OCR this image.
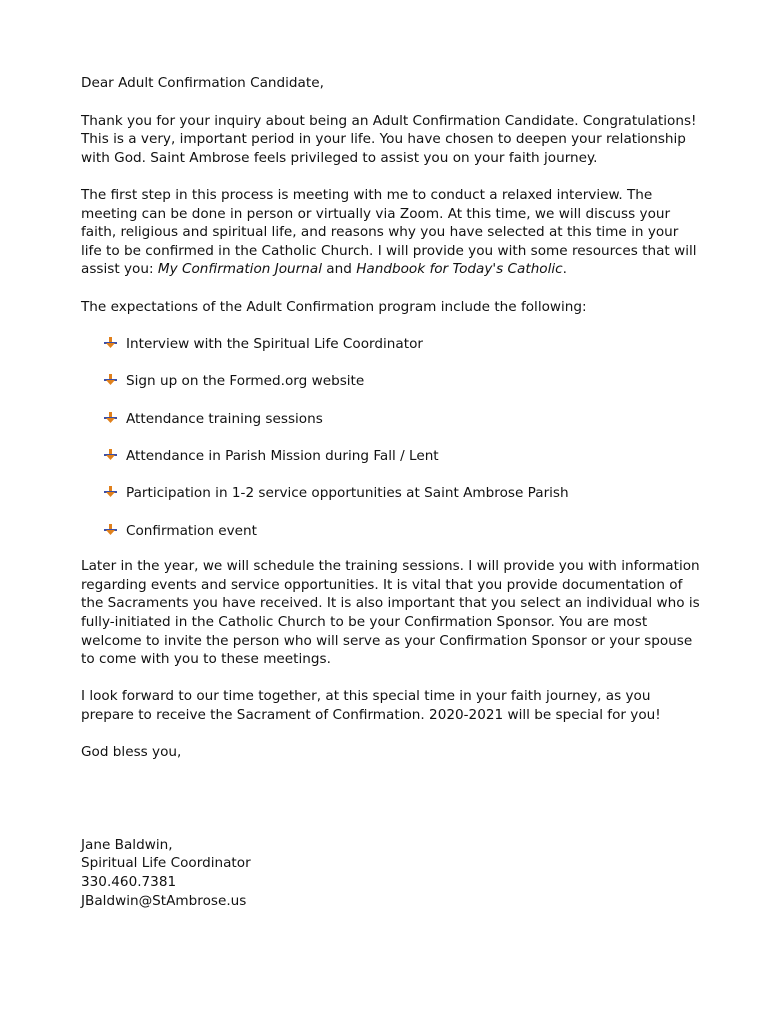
Dear Adult Confirmation Candidate,

Thank you for your inquiry about being an Adult Confirmation Candidate. Congratulations! This is a very, important period in your life. You have chosen to deepen your relationship with God. Saint Ambrose feels privileged to assist you on your faith journey.

The first step in this process is meeting with me to conduct a relaxed interview. The meeting can be done in person or virtually via Zoom. At this time, we will discuss your faith, religious and spiritual life, and reasons why you have selected at this time in your life to be confirmed in the Catholic Church. I will provide you with some resources that will assist you: My Confirmation Journal and Handbook for Today's Catholic.

The expectations of the Adult Confirmation program include the following:

Interview with the Spiritual Life Coordinator
Sign up on the Formed.org website
Attendance training sessions
Attendance in Parish Mission during Fall / Lent
Participation in 1-2 service opportunities at Saint Ambrose Parish
Confirmation event

Later in the year, we will schedule the training sessions. I will provide you with information regarding events and service opportunities. It is vital that you provide documentation of the Sacraments you have received. It is also important that you select an individual who is fully-initiated in the Catholic Church to be your Confirmation Sponsor. You are most welcome to invite the person who will serve as your Confirmation Sponsor or your spouse to come with you to these meetings.

I look forward to our time together, at this special time in your faith journey, as you prepare to receive the Sacrament of Confirmation. 2020-2021 will be special for you!

God bless you,

Jane Baldwin,

Spiritual Life Coordinator

330.460.7381

JBaldwin@StAmbrose.us
